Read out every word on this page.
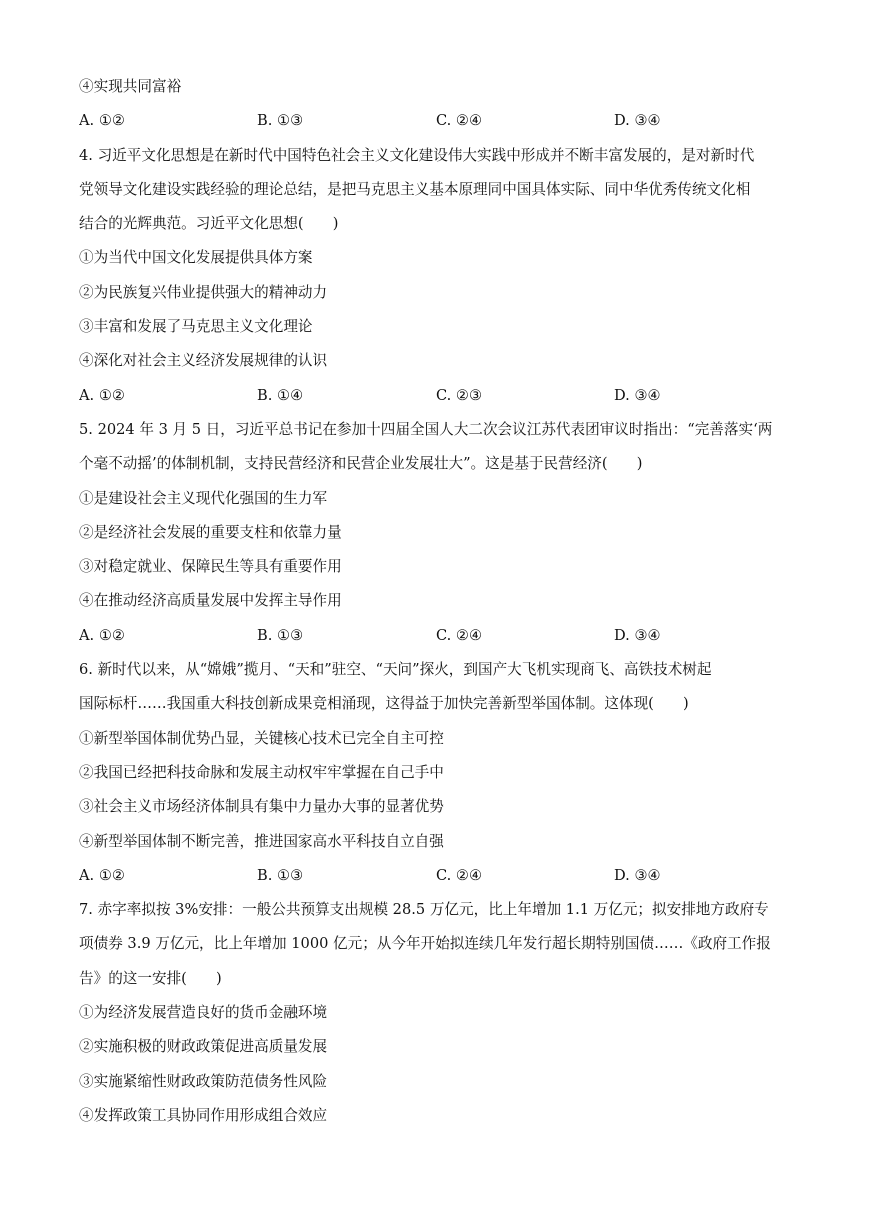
④实现共同富裕
A. ①②	B. ①③	C. ②④	D. ③④
4. 习近平文化思想是在新时代中国特色社会主义文化建设伟大实践中形成并不断丰富发展的，是对新时代
党领导文化建设实践经验的理论总结，是把马克思主义基本原理同中国具体实际、同中华优秀传统文化相
结合的光辉典范。习近平文化思想(　　)
①为当代中国文化发展提供具体方案
②为民族复兴伟业提供强大的精神动力
③丰富和发展了马克思主义文化理论
④深化对社会主义经济发展规律的认识
A. ①②	B. ①④	C. ②③	D. ③④
5. 2024 年 3 月 5 日，习近平总书记在参加十四届全国人大二次会议江苏代表团审议时指出：“完善落实‘两
个毫不动摇’的体制机制，支持民营经济和民营企业发展壮大”。这是基于民营经济(　　)
①是建设社会主义现代化强国的生力军
②是经济社会发展的重要支柱和依靠力量
③对稳定就业、保障民生等具有重要作用
④在推动经济高质量发展中发挥主导作用
A. ①②	B. ①③	C. ②④	D. ③④
6. 新时代以来，从“嫦娥”揽月、“天和”驻空、“天问”探火，到国产大飞机实现商飞、高铁技术树起
国际标杆……我国重大科技创新成果竞相涌现，这得益于加快完善新型举国体制。这体现(　　)
①新型举国体制优势凸显，关键核心技术已完全自主可控
②我国已经把科技命脉和发展主动权牢牢掌握在自己手中
③社会主义市场经济体制具有集中力量办大事的显著优势
④新型举国体制不断完善，推进国家高水平科技自立自强
A. ①②	B. ①③	C. ②④	D. ③④
7. 赤字率拟按 3%安排：一般公共预算支出规模 28.5 万亿元，比上年增加 1.1 万亿元；拟安排地方政府专
项债券 3.9 万亿元，比上年增加 1000 亿元；从今年开始拟连续几年发行超长期特别国债……《政府工作报
告》的这一安排(　　)
①为经济发展营造良好的货币金融环境
②实施积极的财政政策促进高质量发展
③实施紧缩性财政政策防范债务性风险
④发挥政策工具协同作用形成组合效应
